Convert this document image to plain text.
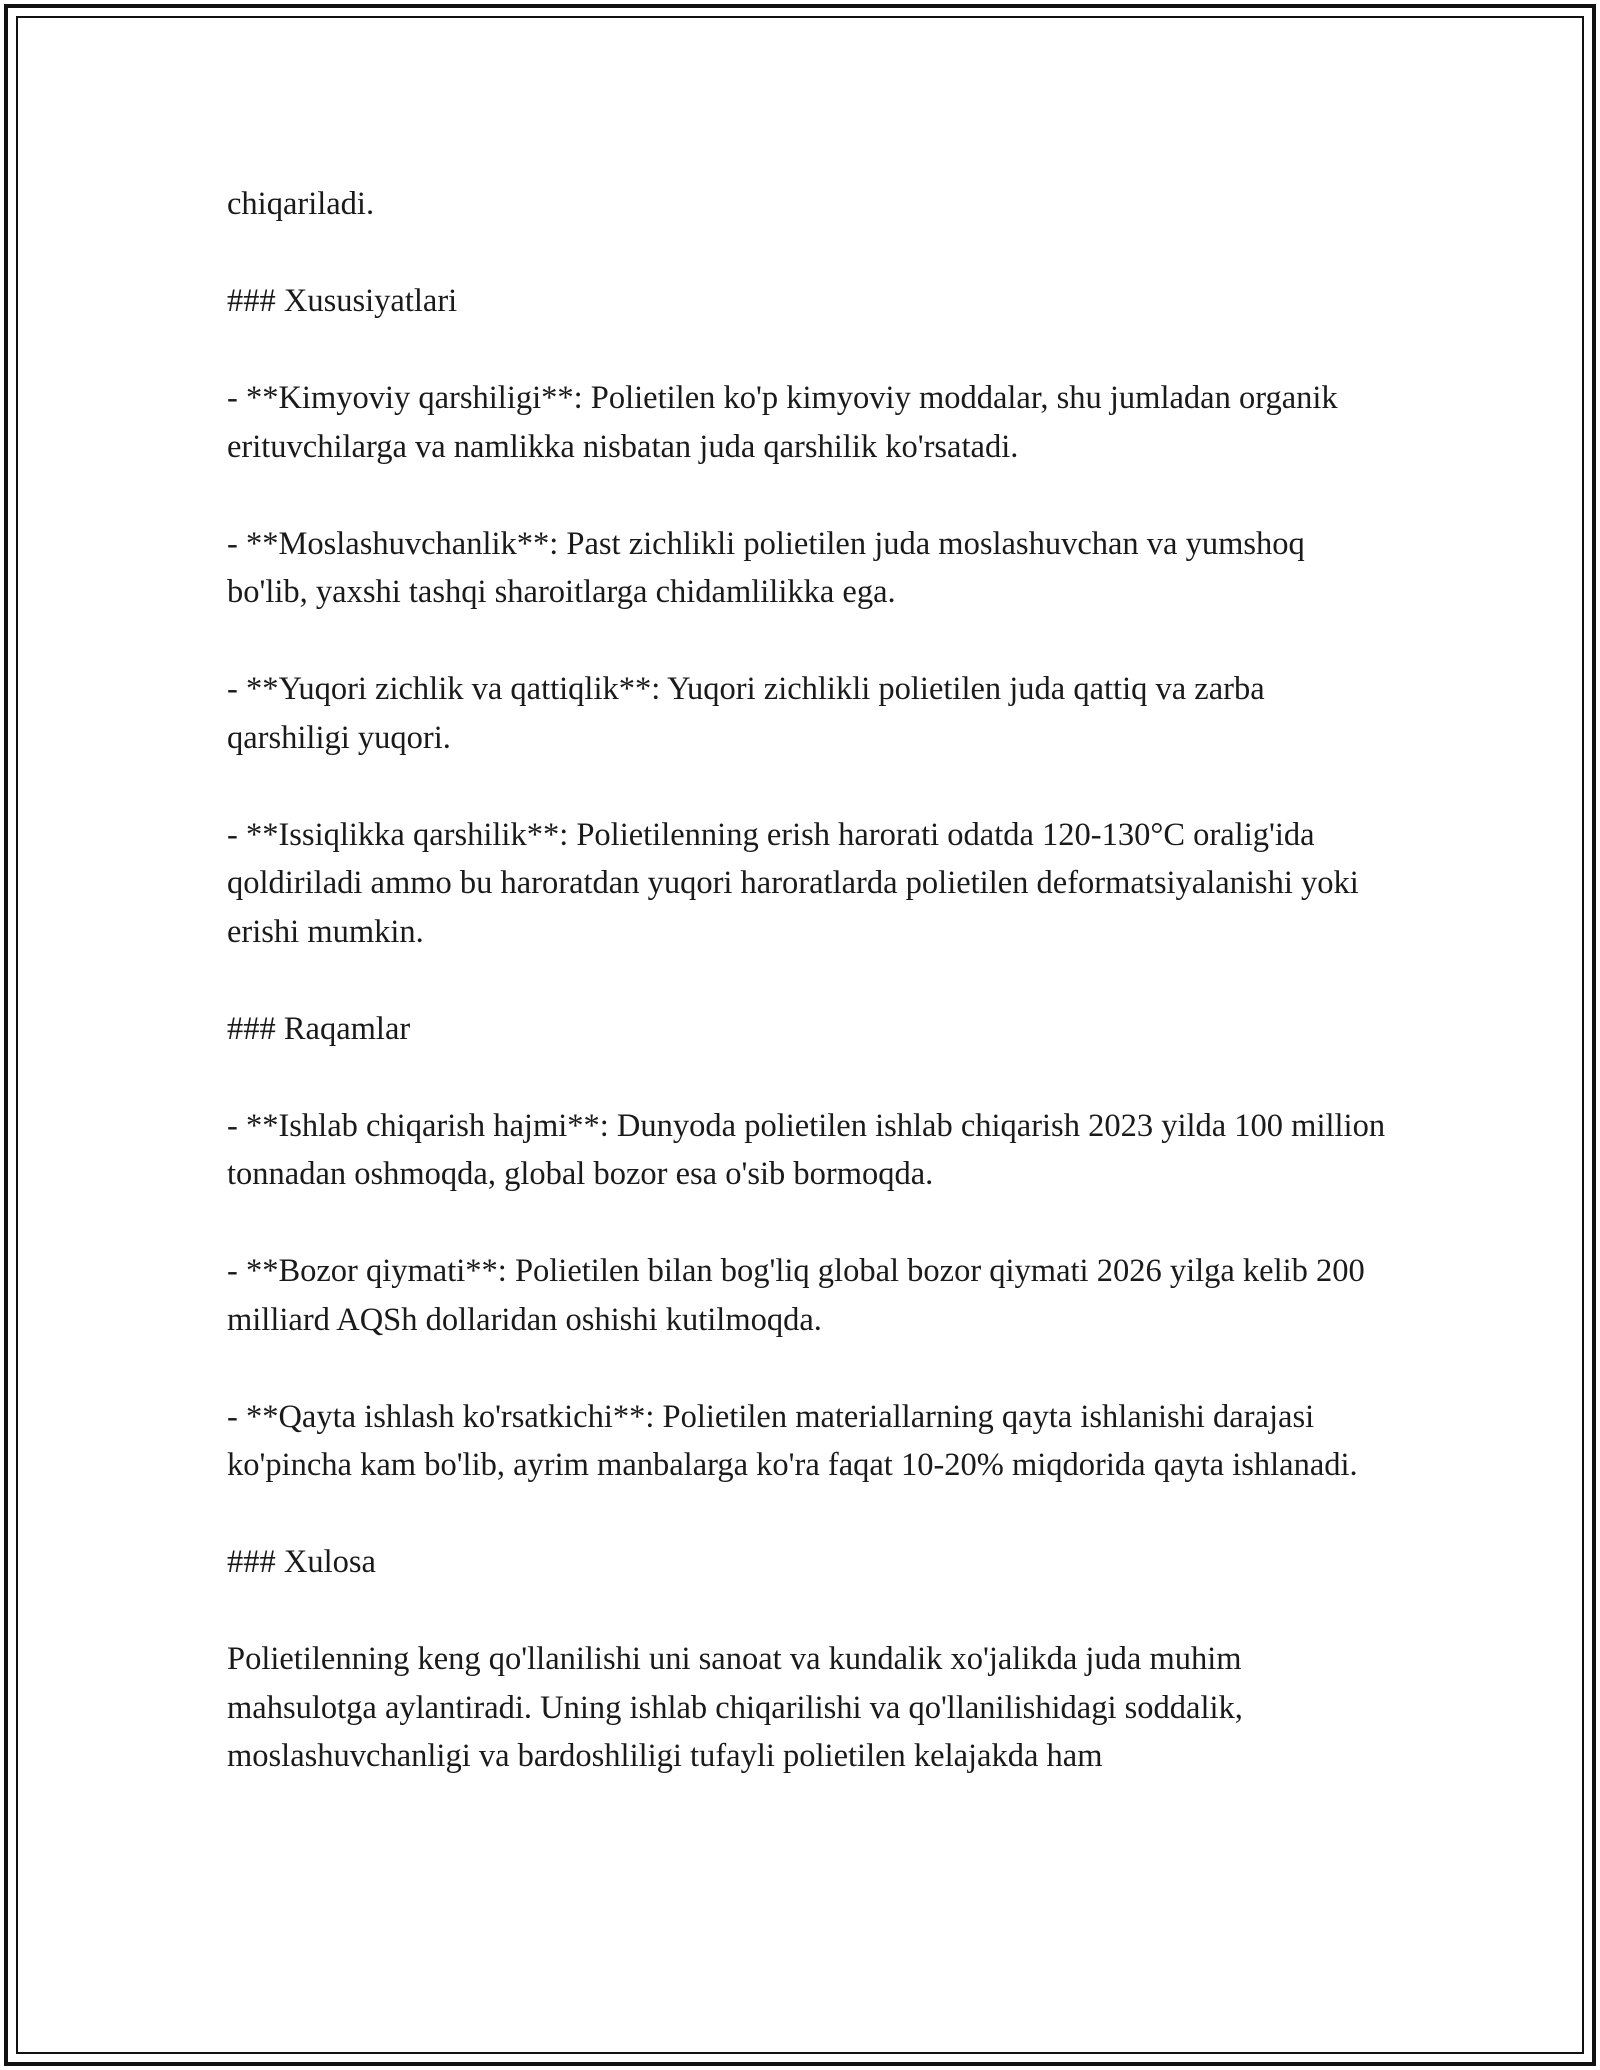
chiqariladi.

### Xususiyatlari

- **Kimyoviy qarshiligi**: Polietilen ko'p kimyoviy moddalar, shu jumladan organik erituvchilarga va namlikka nisbatan juda qarshilik ko'rsatadi.

- **Moslashuvchanlik**: Past zichlikli polietilen juda moslashuvchan va yumshoq bo'lib, yaxshi tashqi sharoitlarga chidamlilikka ega.

- **Yuqori zichlik va qattiqlik**: Yuqori zichlikli polietilen juda qattiq va zarba qarshiligi yuqori.

- **Issiqlikka qarshilik**: Polietilenning erish harorati odatda 120-130°C oralig'ida qoldiriladi ammo bu haroratdan yuqori haroratlarda polietilen deformatsiyalanishi yoki erishi mumkin.

### Raqamlar

- **Ishlab chiqarish hajmi**: Dunyoda polietilen ishlab chiqarish 2023 yilda 100 million tonnadan oshmoqda, global bozor esa o'sib bormoqda.

- **Bozor qiymati**: Polietilen bilan bog'liq global bozor qiymati 2026 yilga kelib 200 milliard AQSh dollaridan oshishi kutilmoqda.

- **Qayta ishlash ko'rsatkichi**: Polietilen materiallarning qayta ishlanishi darajasi ko'pincha kam bo'lib, ayrim manbalarga ko'ra faqat 10-20% miqdorida qayta ishlanadi.

### Xulosa

Polietilenning keng qo'llanilishi uni sanoat va kundalik xo'jalikda juda muhim mahsulotga aylantiradi. Uning ishlab chiqarilishi va qo'llanilishidagi soddalik, moslashuvchanligi va bardoshliligi tufayli polietilen kelajakda ham
